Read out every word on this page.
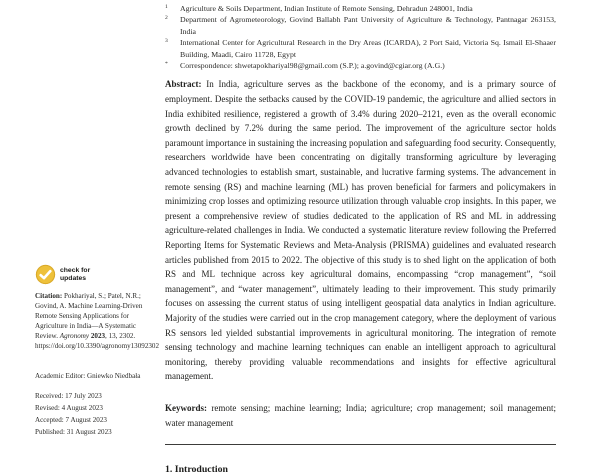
1	Agriculture & Soils Department, Indian Institute of Remote Sensing, Dehradun 248001, India
2	Department of Agrometeorology, Govind Ballabh Pant University of Agriculture & Technology, Pantnagar 263153, India
3	International Center for Agricultural Research in the Dry Areas (ICARDA), 2 Port Said, Victoria Sq. Ismail El-Shaaer Building, Maadi, Cairo 11728, Egypt
*	Correspondence: shwetapokhariyal98@gmail.com (S.P.); a.govind@cgiar.org (A.G.)

Abstract: In India, agriculture serves as the backbone of the economy, and is a primary source of employment. Despite the setbacks caused by the COVID-19 pandemic, the agriculture and allied sectors in India exhibited resilience, registered a growth of 3.4% during 2020–2121, even as the overall economic growth declined by 7.2% during the same period. The improvement of the agriculture sector holds paramount importance in sustaining the increasing population and safeguarding food security. Consequently, researchers worldwide have been concentrating on digitally transforming agriculture by leveraging advanced technologies to establish smart, sustainable, and lucrative farming systems. The advancement in remote sensing (RS) and machine learning (ML) has proven beneficial for farmers and policymakers in minimizing crop losses and optimizing resource utilization through valuable crop insights. In this paper, we present a comprehensive review of studies dedicated to the application of RS and ML in addressing agriculture-related challenges in India. We conducted a systematic literature review following the Preferred Reporting Items for Systematic Reviews and Meta-Analysis (PRISMA) guidelines and evaluated research articles published from 2015 to 2022. The objective of this study is to shed light on the application of both RS and ML technique across key agricultural domains, encompassing “crop management”, “soil management”, and “water management”, ultimately leading to their improvement. This study primarily focuses on assessing the current status of using intelligent geospatial data analytics in Indian agriculture. Majority of the studies were carried out in the crop management category, where the deployment of various RS sensors led yielded substantial improvements in agricultural monitoring. The integration of remote sensing technology and machine learning techniques can enable an intelligent approach to agricultural monitoring, thereby providing valuable recommendations and insights for effective agricultural management.

Keywords: remote sensing; machine learning; India; agriculture; crop management; soil management; water management

1. Introduction
check for
updates

Citation: Pokhariyal, S.; Patel, N.R.; Govind, A. Machine Learning-Driven Remote Sensing Applications for Agriculture in India—A Systematic Review. Agronomy 2023, 13, 2302. https://doi.org/10.3390/agronomy13092302

Academic Editor: Gniewko Niedbała

Received: 17 July 2023

Revised: 4 August 2023

Accepted: 7 August 2023

Published: 31 August 2023
